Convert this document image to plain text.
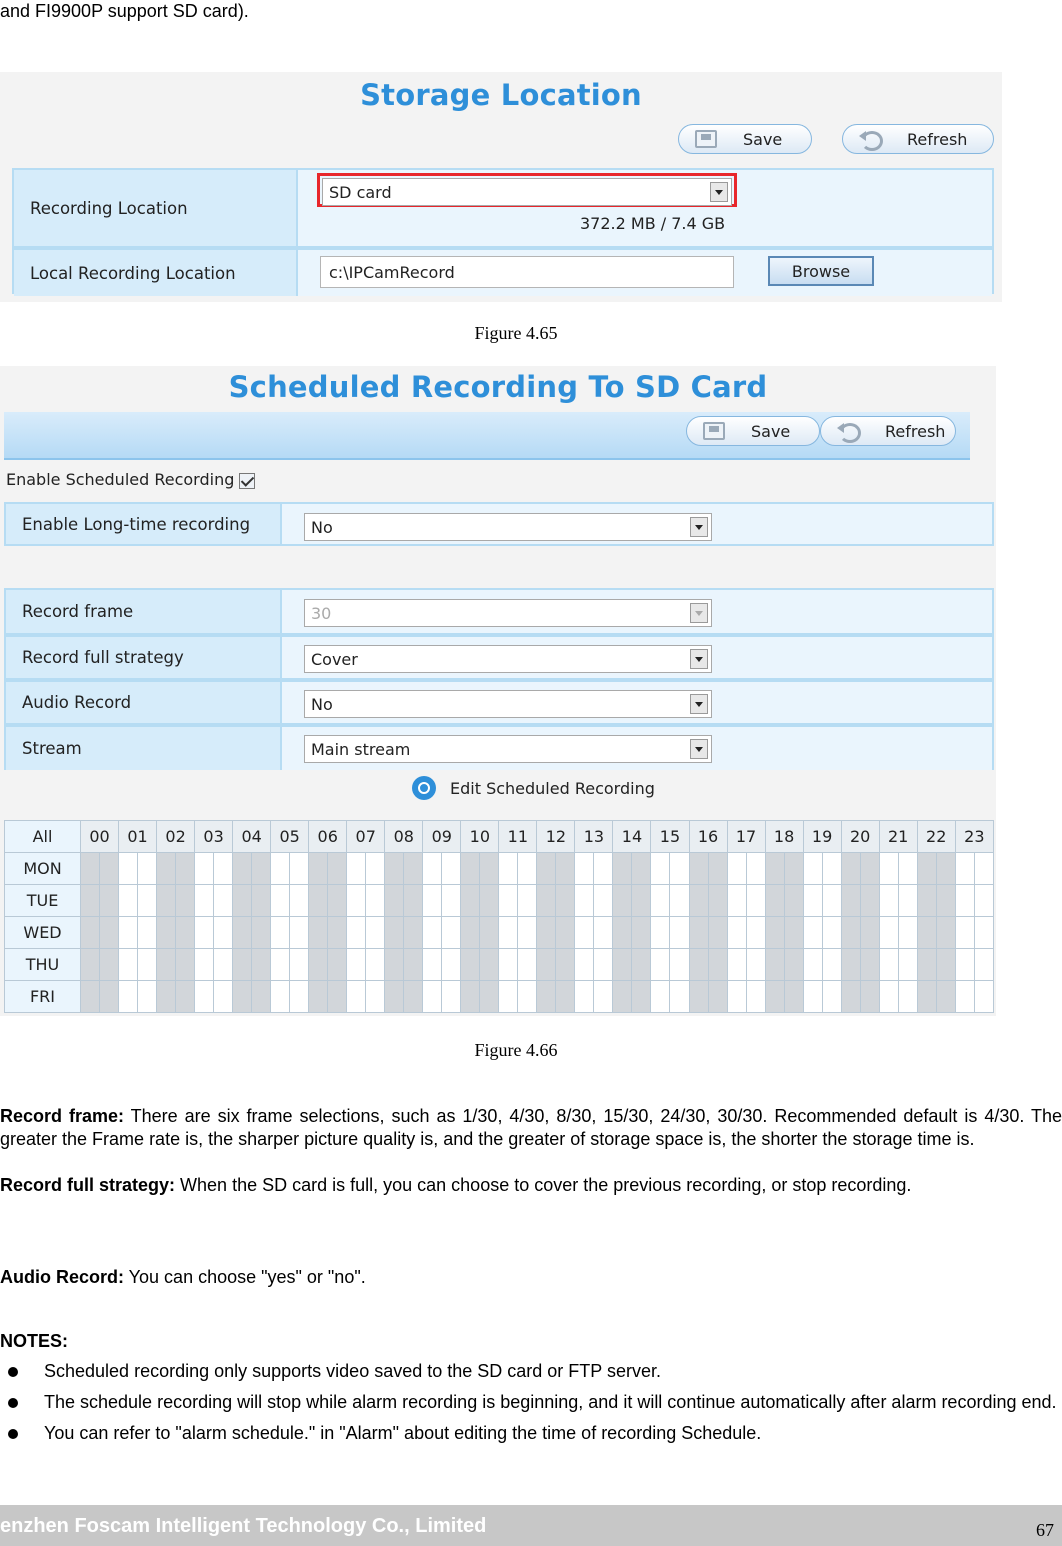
and FI9900P support SD card).
Storage Location
Save	Refresh
Recording Location
SD card
372.2 MB / 7.4 GB
Local Recording Location	c:\IPCamRecord	Browse
Figure 4.65
Scheduled Recording To SD Card
Save	Refresh
Enable Scheduled Recording
Enable Long-time recording	No
Record frame	30
Record full strategy	Cover
Audio Record	No
Stream	Main stream
Edit Scheduled Recording
All	00		01		02		03		04		05		06		07		08		09		10		11		12		13		14		15		16		17		18		19		20		21		22		23	
MON																																																
TUE																																																
WED																																																
THU																																																
FRI																																																
Figure 4.66
Record frame: There are six frame selections, such as 1/30, 4/30, 8/30, 15/30, 24/30, 30/30. Recommended default is 4/30. The greater the Frame rate is, the sharper picture quality is, and the greater of storage space is, the shorter the storage time is.
Record full strategy: When the SD card is full, you can choose to cover the previous recording, or stop recording.
Audio Record: You can choose "yes" or "no".
NOTES:
Scheduled recording only supports video saved to the SD card or FTP server.
The schedule recording will stop while alarm recording is beginning, and it will continue automatically after alarm recording end.
You can refer to "alarm schedule." in "Alarm" about editing the time of recording Schedule.
enzhen Foscam Intelligent Technology Co., Limited	67
